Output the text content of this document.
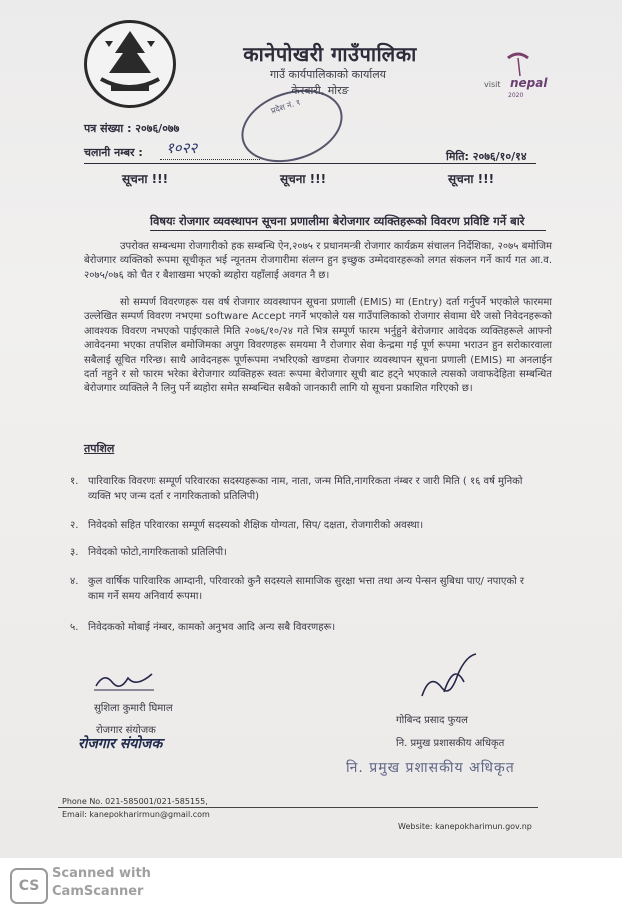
कानेपोखरी गाउँपालिका
गाउँ कार्यपालिकाको कार्यालय
केरबारी, मोरङ
प्रदेश नं. १
visit nepal
2020
पत्र संख्या : २०७६/०७७
चलानी नम्बर : १०२२	मिति: २०७६/१०/१४
सूचना !!!	सूचना !!!	सूचना !!!
विषयः रोजगार व्यवस्थापन सूचना प्रणालीमा बेरोजगार व्यक्तिहरूको विवरण प्रविष्टि गर्ने बारे

उपरोक्त सम्बन्धमा रोजगारीको हक सम्बन्धि ऐन,२०७५ र प्रधानमन्त्री रोजगार कार्यक्रम संचालन निर्देशिका, २०७५ बमोजिम बेरोजगार व्यक्तिको रूपमा सूचीकृत भई न्यूनतम रोजगारीमा संलग्न हुन इच्छुक उम्मेदवारहरूको लगत संकलन गर्ने कार्य गत आ.व. २०७५/०७६ को चैत र बैशाखमा भएको ब्यहोरा यहाँलाई अवगत नै छ।

सो सम्पर्ण विवरणहरू यस वर्ष रोजगार व्यवस्थापन सूचना प्रणाली (EMIS) मा (Entry) दर्ता गर्नुपर्ने भएकोले फारममा उल्लेखित सम्पर्ण विवरण नभएमा software Accept नगर्ने भएकोले यस गाउँपालिकाको रोजगार सेवामा धेरै जसो निवेदनहरूको आवश्यक विवरण नभएको पाईएकाले मिति २०७६/१०/२४ गते भित्र सम्पूर्ण फारम भर्नुहुने बेरोजगार आवेदक व्यक्तिहरूले आफ्नो आवेदनमा भएका तपशिल बमोजिमका अपुग विवरणहरू समयमा नै रोजगार सेवा केन्द्रमा गई पूर्ण रूपमा भराउन हुन सरोकारवाला सबैलाई सूचित गरिन्छ। साथै आवेदनहरू पूर्णरूपमा नभरिएको खण्डमा रोजगार व्यवस्थापन सूचना प्रणाली (EMIS) मा अनलाईन दर्ता नहुने र सो फारम भरेका बेरोजगार व्यक्तिहरू स्वतः रूपमा बेरोजगार सूची बाट हट्ने भएकाले त्यसको जवाफदेहिता सम्बन्धित बेरोजगार व्यक्तिले नै लिनु पर्ने ब्यहोरा समेत सम्बन्धित सबैको जानकारी लागि यो सूचना प्रकाशित गरिएको छ।

तपशिल
१. पारिवारिक विवरणः सम्पूर्ण परिवारका सदस्यहरूका नाम, नाता, जन्म मिति,नागरिकता नंम्बर र जारी मिति ( १६ वर्ष मुनिको व्यक्ति भए जन्म दर्ता र नागरिकताको प्रतिलिपी)
२. निवेदको सहित परिवारका सम्पूर्ण सदस्यको शैक्षिक योग्यता, सिप/ दक्षता, रोजगारीको अवस्था।
३. निवेदको फोटो,नागरिकताको प्रतिलिपी।
४. कुल वार्षिक पारिवारिक आम्दानी, परिवारको कुनै सदस्यले सामाजिक सुरक्षा भत्ता तथा अन्य पेन्सन सुबिधा पाए/ नपाएको र काम गर्ने समय अनिवार्य रूपमा।
५. निवेदकको मोबाई नंम्बर, कामको अनुभव आदि अन्य सबै विवरणहरू।
सुशिला कुमारी घिमाल
रोजगार संयोजक
रोजगार संयोजक
गोबिन्द प्रसाद फुयल
नि. प्रमुख प्रशासकीय अधिकृत
नि. प्रमुख प्रशासकीय अधिकृत
Phone No. 021-585001/021-585155,
Email: kanepokharirmun@gmail.com
Website: kanepokharimun.gov.np
CS
Scanned with
CamScanner
